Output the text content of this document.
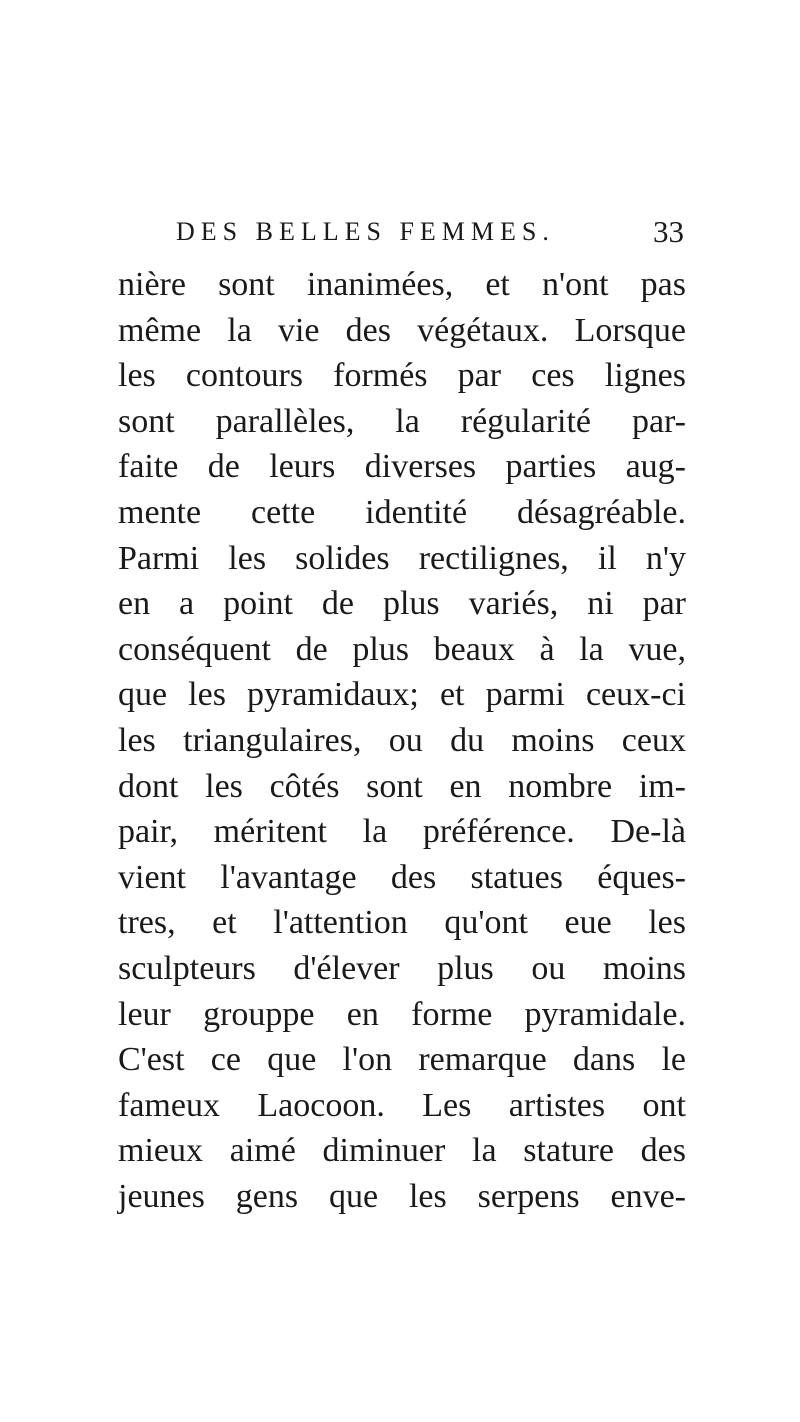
DES BELLES FEMMES.	33
nière sont inanimées, et n'ont pas
même la vie des végétaux. Lorsque
les contours formés par ces lignes
sont parallèles, la régularité par-
faite de leurs diverses parties aug-
mente cette identité désagréable.
Parmi les solides rectilignes, il n'y
en a point de plus variés, ni par
conséquent de plus beaux à la vue,
que les pyramidaux; et parmi ceux-ci
les triangulaires, ou du moins ceux
dont les côtés sont en nombre im-
pair, méritent la préférence. De-là
vient l'avantage des statues éques-
tres, et l'attention qu'ont eue les
sculpteurs d'élever plus ou moins
leur grouppe en forme pyramidale.
C'est ce que l'on remarque dans le
fameux Laocoon. Les artistes ont
mieux aimé diminuer la stature des
jeunes gens que les serpens enve-
